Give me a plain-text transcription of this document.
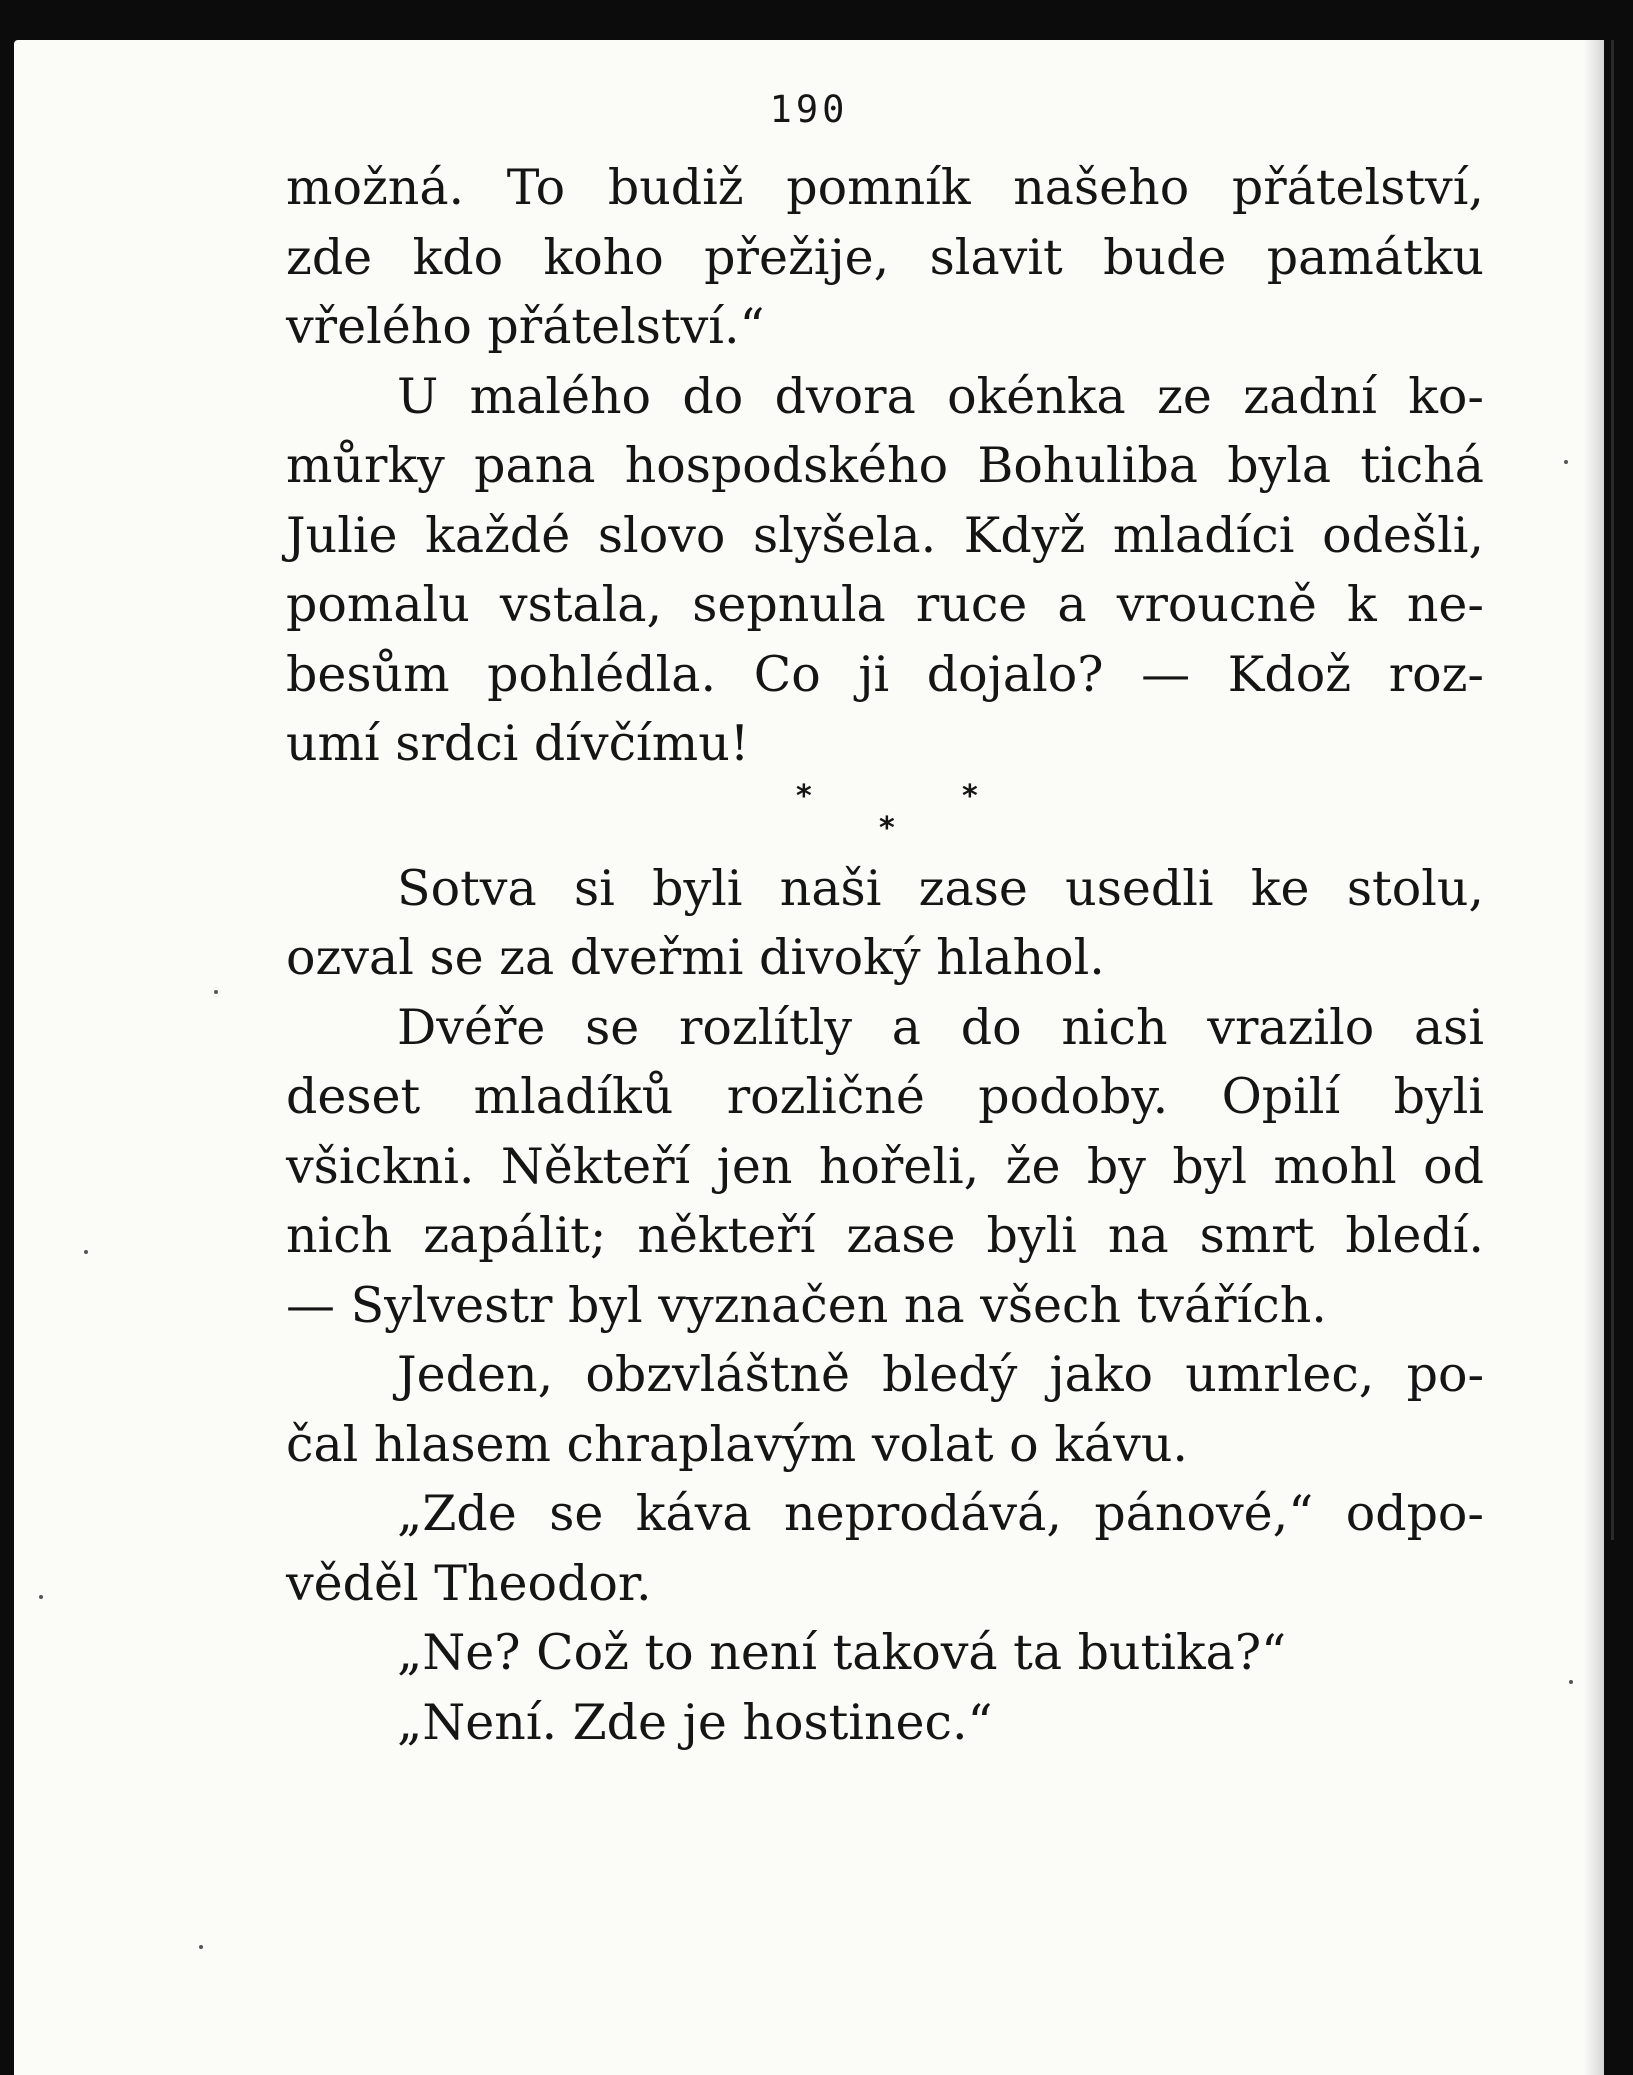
190
možná. To budiž pomník našeho přátelství,
zde kdo koho přežije, slavit bude památku
vřelého přátelství.“
U malého do dvora okénka ze zadní ko-
můrky pana hospodského Bohuliba byla tichá
Julie každé slovo slyšela. Když mladíci odešli,
pomalu vstala, sepnula ruce a vroucně k ne-
besům pohlédla. Co ji dojalo? — Kdož roz-
umí srdci dívčímu!
*	*
*
Sotva si byli naši zase usedli ke stolu,
ozval se za dveřmi divoký hlahol.
Dvéře se rozlítly a do nich vrazilo asi
deset mladíků rozličné podoby. Opilí byli
všickni. Někteří jen hořeli, že by byl mohl od
nich zapálit; někteří zase byli na smrt bledí.
— Sylvestr byl vyznačen na všech tvářích.
Jeden, obzvláštně bledý jako umrlec, po-
čal hlasem chraplavým volat o kávu.
„Zde se káva neprodává, pánové,“ odpo-
věděl Theodor.
„Ne? Což to není taková ta butika?“
„Není. Zde je hostinec.“
